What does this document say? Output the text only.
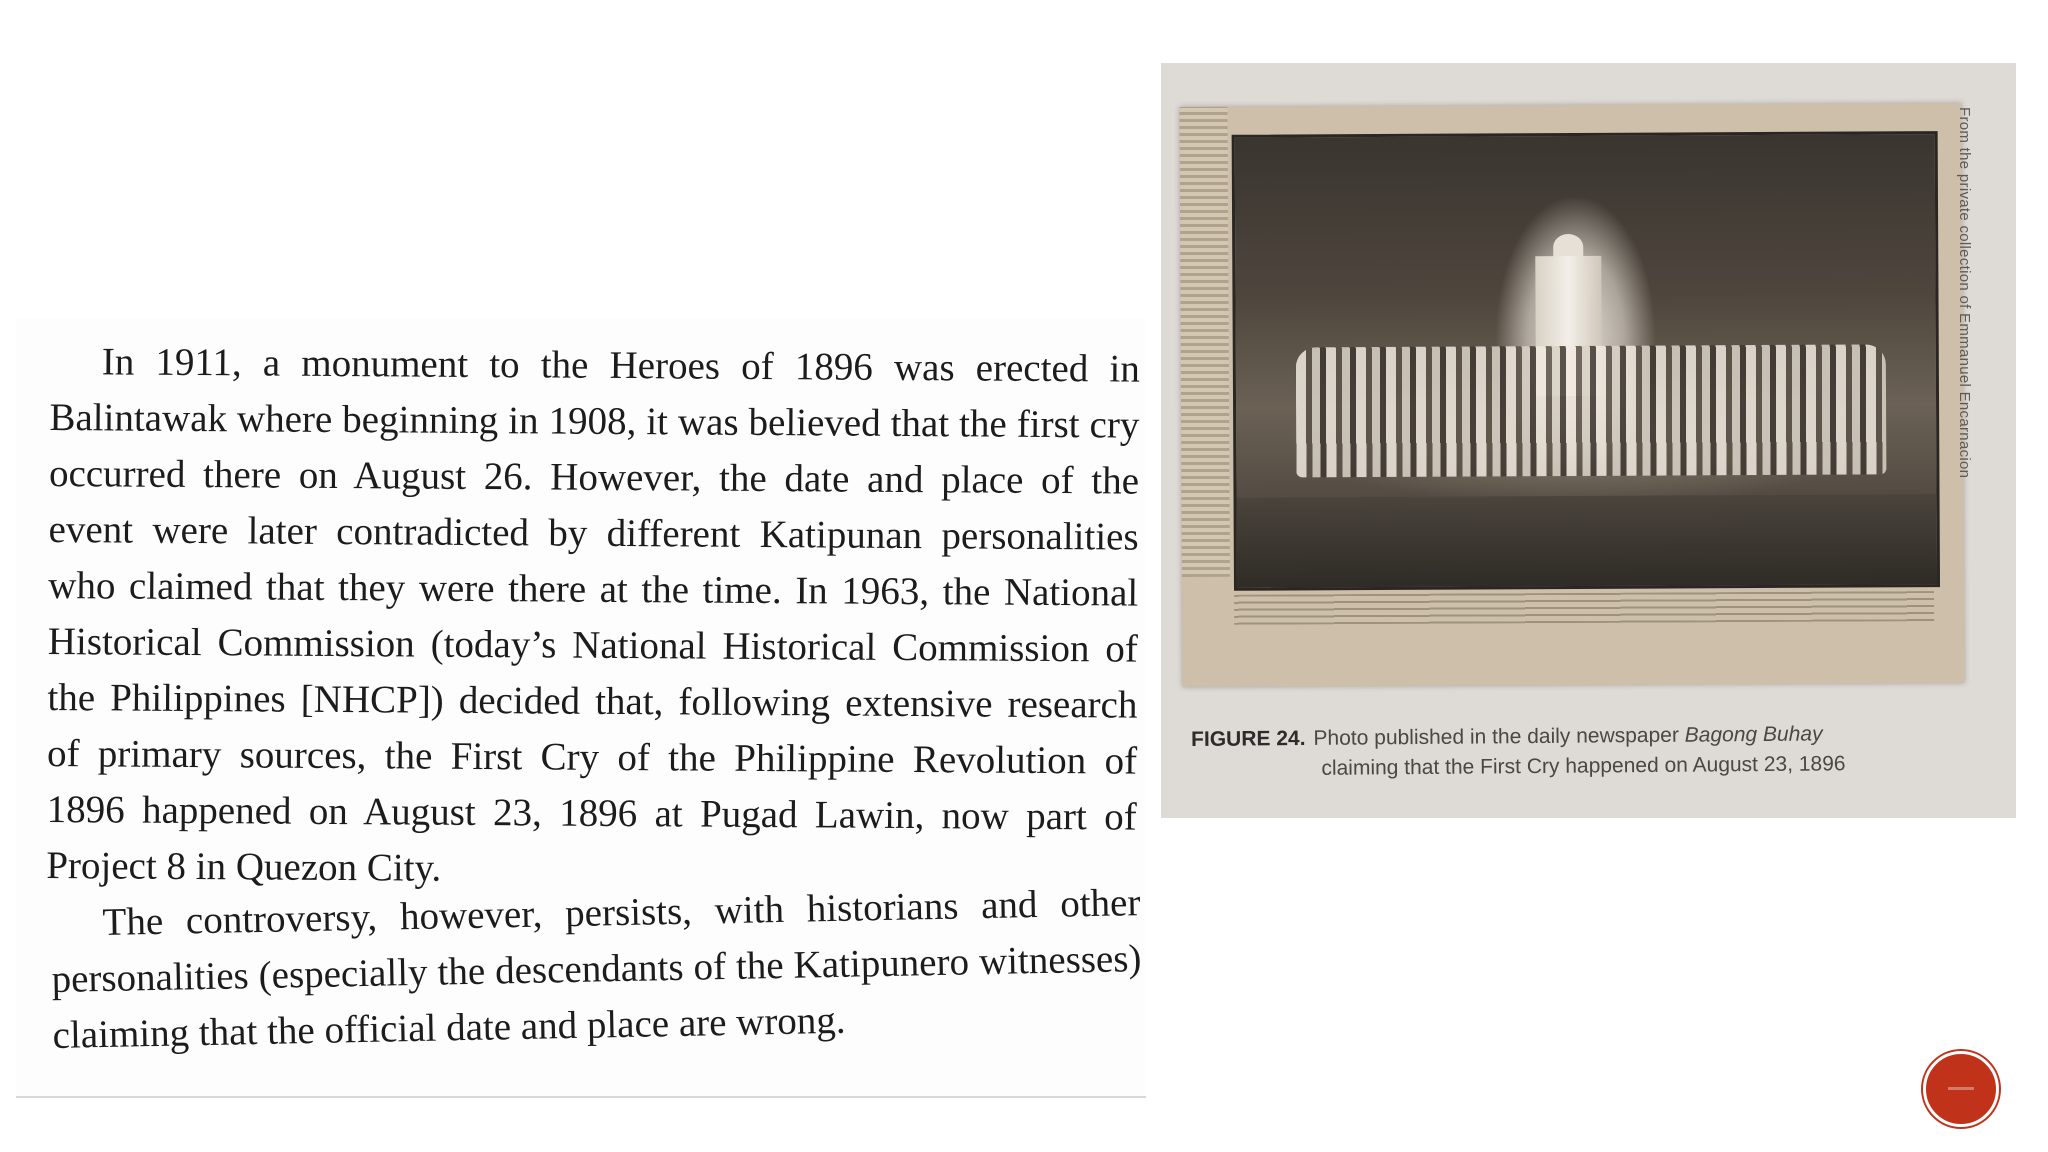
In 1911, a monument to the Heroes of 1896 was erected in Balintawak where beginning in 1908, it was believed that the first cry occurred there on August 26. However, the date and place of the event were later contradicted by different Katipunan personalities who claimed that they were there at the time. In 1963, the National Historical Commission (today’s National Historical Commission of the Philippines [NHCP]) decided that, following extensive research of primary sources, the First Cry of the Philippine Revolution of 1896 happened on August 23, 1896 at Pugad Lawin, now part of Project 8 in Quezon City.

The controversy, however, persists, with historians and other personalities (especially the descendants of the Katipunero witnesses) claiming that the official date and place are wrong.

From the private collection of Emmanuel Encarnacion
FIGURE 24. Photo published in the daily newspaper Bagong Buhay
claiming that the First Cry happened on August 23, 1896
